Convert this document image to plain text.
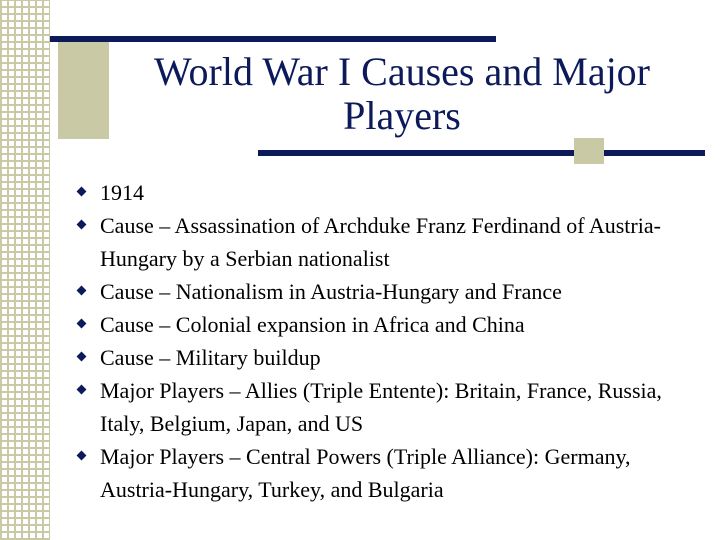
World War I Causes and Major Players
1914
Cause – Assassination of Archduke Franz Ferdinand of Austria-Hungary by a Serbian nationalist
Cause – Nationalism in Austria-Hungary and France
Cause – Colonial expansion in Africa and China
Cause – Military buildup
Major Players – Allies (Triple Entente): Britain, France, Russia, Italy, Belgium, Japan, and US
Major Players – Central Powers (Triple Alliance): Germany, Austria-Hungary, Turkey, and Bulgaria
